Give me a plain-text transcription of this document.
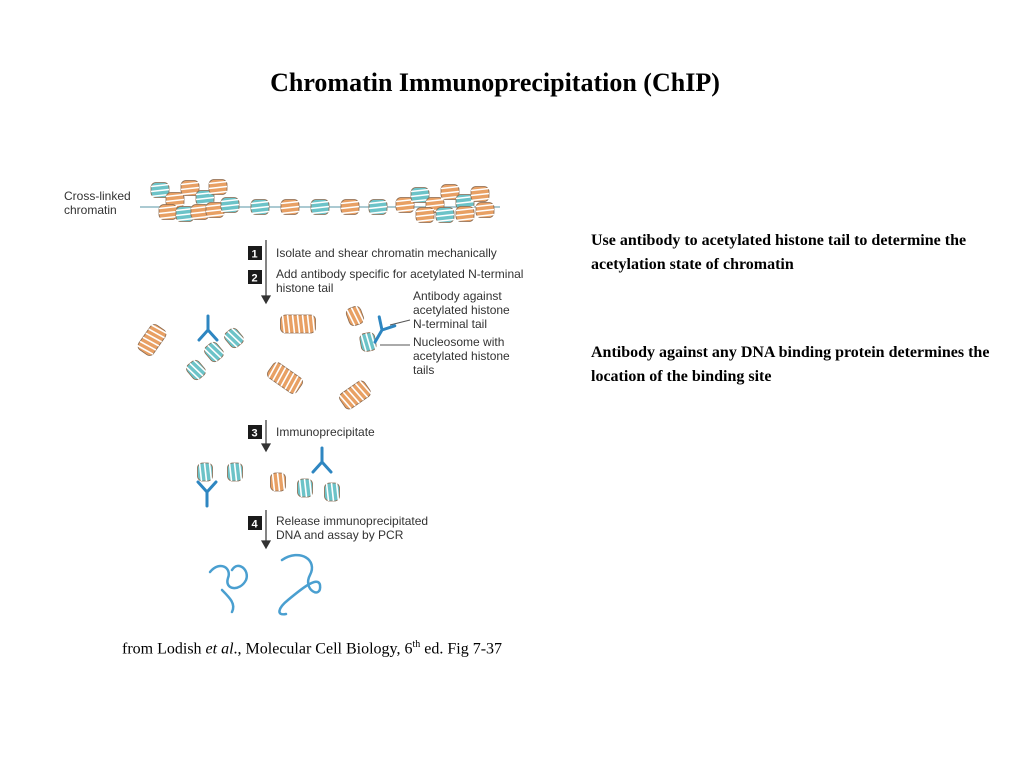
Chromatin Immunoprecipitation (ChIP)
Cross-linked
chromatin
1 Isolate and shear chromatin mechanically
2 Add antibody specific for acetylated N-terminal
histone tail
3 Immunoprecipitate
4 Release immunoprecipitated
DNA and assay by PCR
Antibody against
acetylated histone
N-terminal tail
Nucleosome with
acetylated histone
tails
Use antibody to acetylated histone tail to determine the acetylation state of chromatin
Antibody against any DNA binding protein determines the location of the binding site
from Lodish et al., Molecular Cell Biology, 6th ed. Fig 7-37
